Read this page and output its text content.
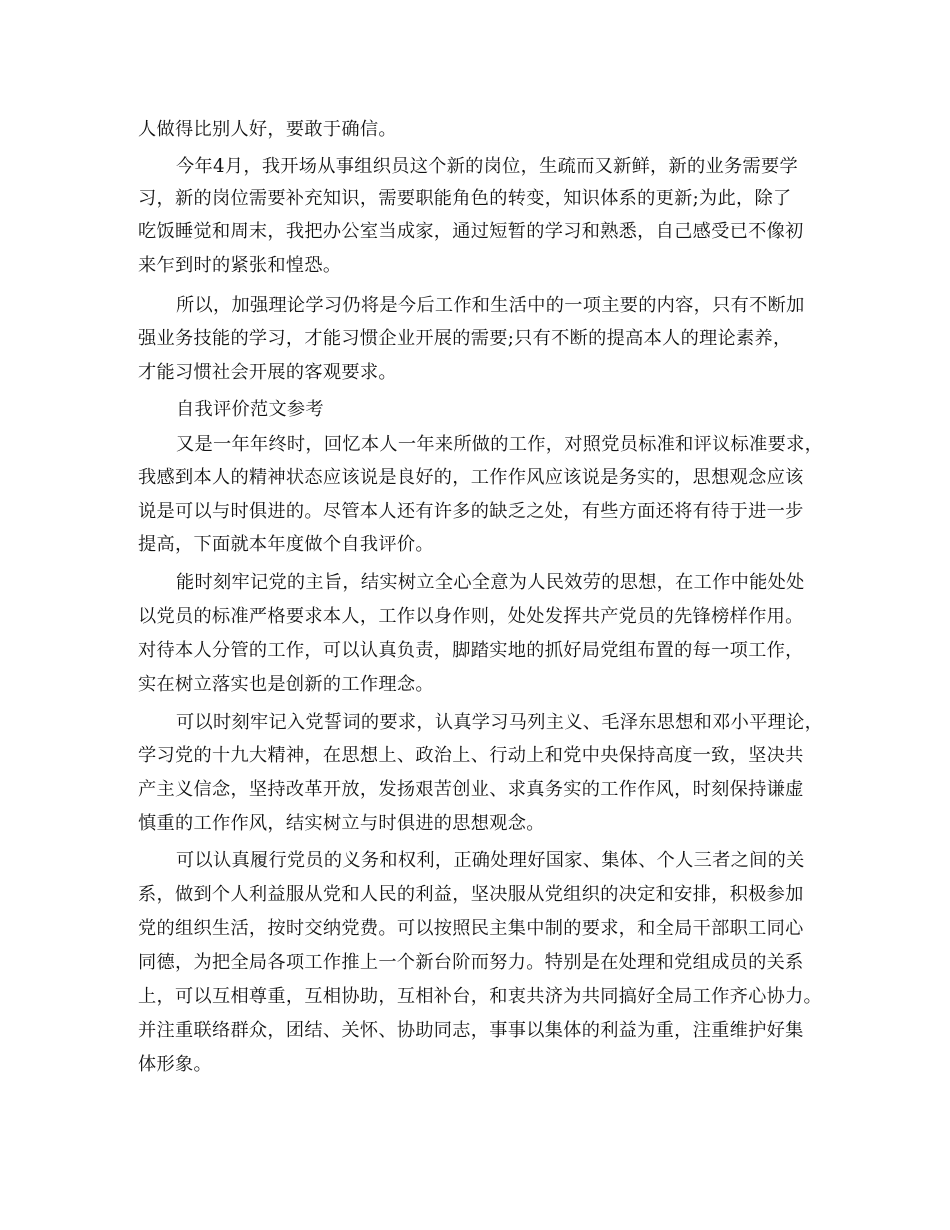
人做得比别人好，要敢于确信。
今年4月，我开场从事组织员这个新的岗位，生疏而又新鲜，新的业务需要学
习，新的岗位需要补充知识，需要职能角色的转变，知识体系的更新;为此，除了
吃饭睡觉和周末，我把办公室当成家，通过短暂的学习和熟悉，自己感受已不像初
来乍到时的紧张和惶恐。
所以，加强理论学习仍将是今后工作和生活中的一项主要的内容，只有不断加
强业务技能的学习，才能习惯企业开展的需要;只有不断的提高本人的理论素养，
才能习惯社会开展的客观要求。
自我评价范文参考
又是一年年终时，回忆本人一年来所做的工作，对照党员标准和评议标准要求，
我感到本人的精神状态应该说是良好的，工作作风应该说是务实的，思想观念应该
说是可以与时俱进的。尽管本人还有许多的缺乏之处，有些方面还将有待于进一步
提高，下面就本年度做个自我评价。
能时刻牢记党的主旨，结实树立全心全意为人民效劳的思想，在工作中能处处
以党员的标准严格要求本人，工作以身作则，处处发挥共产党员的先锋榜样作用。
对待本人分管的工作，可以认真负责，脚踏实地的抓好局党组布置的每一项工作，
实在树立落实也是创新的工作理念。
可以时刻牢记入党誓词的要求，认真学习马列主义、毛泽东思想和邓小平理论，
学习党的十九大精神，在思想上、政治上、行动上和党中央保持高度一致，坚决共
产主义信念，坚持改革开放，发扬艰苦创业、求真务实的工作作风，时刻保持谦虚
慎重的工作作风，结实树立与时俱进的思想观念。
可以认真履行党员的义务和权利，正确处理好国家、集体、个人三者之间的关
系，做到个人利益服从党和人民的利益，坚决服从党组织的决定和安排，积极参加
党的组织生活，按时交纳党费。可以按照民主集中制的要求，和全局干部职工同心
同德，为把全局各项工作推上一个新台阶而努力。特别是在处理和党组成员的关系
上，可以互相尊重，互相协助，互相补台，和衷共济为共同搞好全局工作齐心协力。
并注重联络群众，团结、关怀、协助同志，事事以集体的利益为重，注重维护好集
体形象。
